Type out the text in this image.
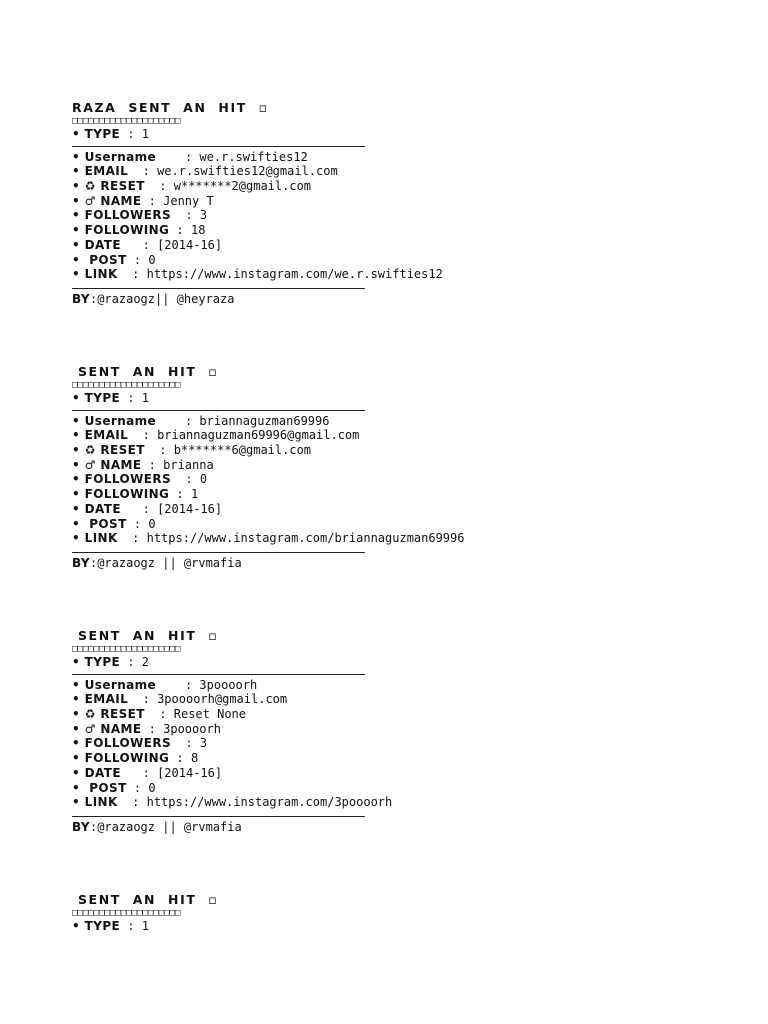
RAZA  SENT  AN  HIT  ▫
□□□□□□□□□□□□□□□□□□□□
• TYPE : 1
• Username    : we.r.swifties12
• EMAIL  : we.r.swifties12@gmail.com
• ♻ RESET  : w*******2@gmail.com
• ♂ NAME : Jenny T
• FOLLOWERS  : 3
• FOLLOWING : 18
• DATE   : [2014-16]
•  POST : 0
• LINK  : https://www.instagram.com/we.r.swifties12
BY:@razaogz|| @heyraza
SENT  AN  HIT  ▫
□□□□□□□□□□□□□□□□□□□□
• TYPE : 1
• Username    : briannaguzman69996
• EMAIL  : briannaguzman69996@gmail.com
• ♻ RESET  : b*******6@gmail.com
• ♂ NAME : brianna
• FOLLOWERS  : 0
• FOLLOWING : 1
• DATE   : [2014-16]
•  POST : 0
• LINK  : https://www.instagram.com/briannaguzman69996
BY:@razaogz || @rvmafia
SENT  AN  HIT  ▫
□□□□□□□□□□□□□□□□□□□□
• TYPE : 2
• Username    : 3poooorh
• EMAIL  : 3poooorh@gmail.com
• ♻ RESET  : Reset None
• ♂ NAME : 3poooorh
• FOLLOWERS  : 3
• FOLLOWING : 8
• DATE   : [2014-16]
•  POST : 0
• LINK  : https://www.instagram.com/3poooorh
BY:@razaogz || @rvmafia
SENT  AN  HIT  ▫
□□□□□□□□□□□□□□□□□□□□
• TYPE : 1
